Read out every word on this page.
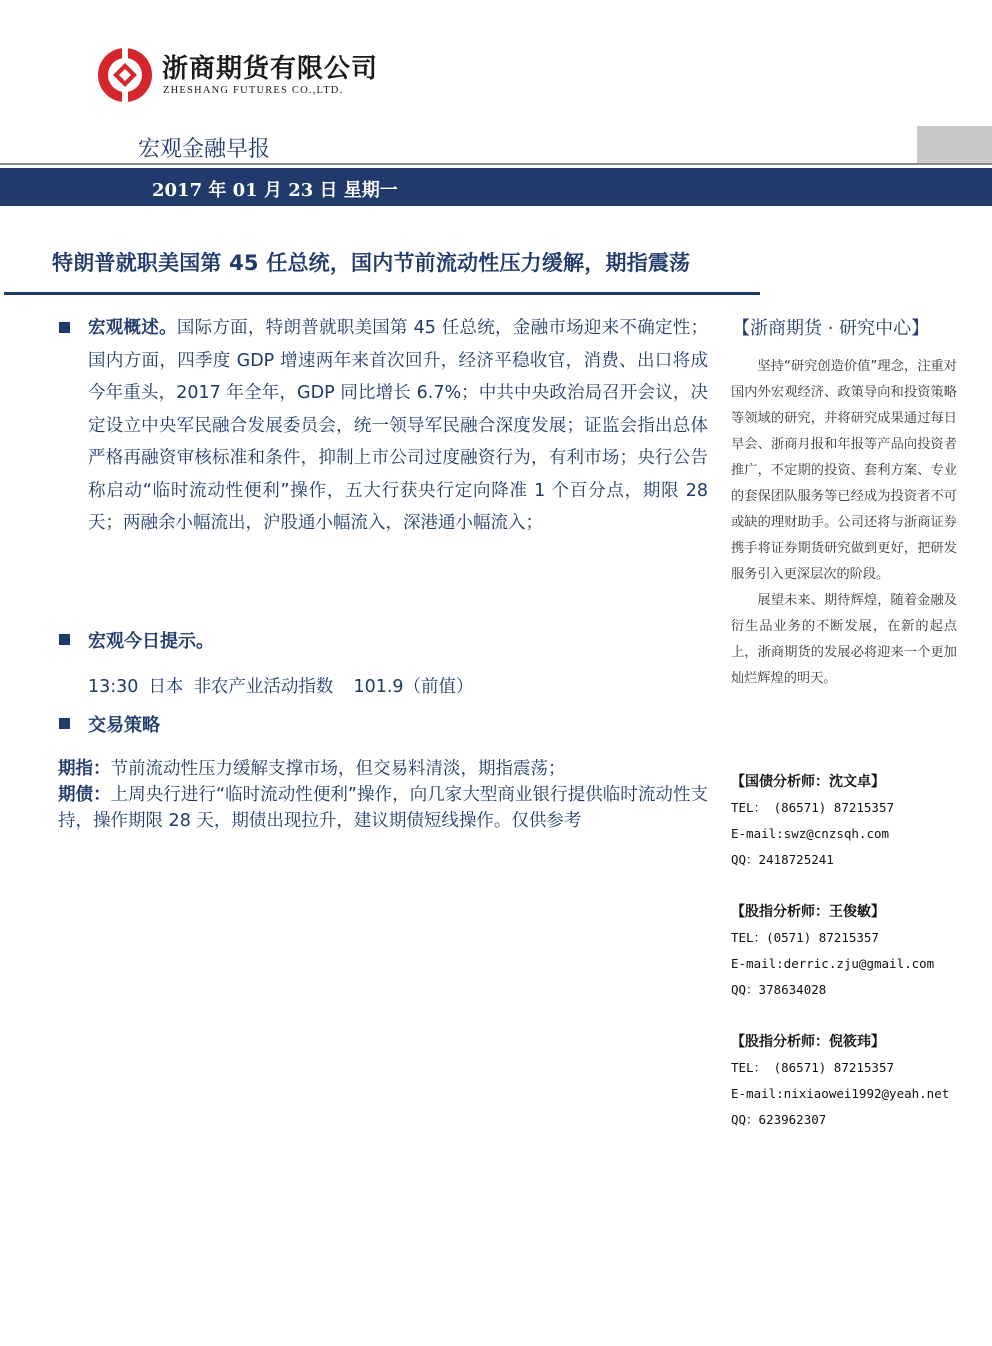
浙商期货有限公司
ZHESHANG FUTURES CO.,LTD.
宏观金融早报
2017 年 01 月 23 日 星期一
特朗普就职美国第 45 任总统，国内节前流动性压力缓解，期指震荡
宏观概述。国际方面，特朗普就职美国第 45 任总统，金融市场迎来不确定性；国内方面，四季度 GDP 增速两年来首次回升，经济平稳收官，消费、出口将成今年重头，2017 年全年，GDP 同比增长 6.7%；中共中央政治局召开会议，决定设立中央军民融合发展委员会，统一领导军民融合深度发展；证监会指出总体严格再融资审核标准和条件，抑制上市公司过度融资行为，有利市场；央行公告称启动“临时流动性便利”操作，五大行获央行定向降准 1 个百分点，期限 28 天；两融余小幅流出，沪股通小幅流入，深港通小幅流入；
宏观今日提示。
13:30 日本 非农产业活动指数 101.9（前值）
交易策略
期指：节前流动性压力缓解支撑市场，但交易料清淡，期指震荡；
期债：上周央行进行“临时流动性便利”操作，向几家大型商业银行提供临时流动性支持，操作期限 28 天，期债出现拉升，建议期债短线操作。仅供参考
【浙商期货 · 研究中心】

坚持“研究创造价值”理念，注重对国内外宏观经济、政策导向和投资策略等领域的研究，并将研究成果通过每日早会、浙商月报和年报等产品向投资者推广，不定期的投资、套利方案、专业的套保团队服务等已经成为投资者不可或缺的理财助手。公司还将与浙商证券携手将证券期货研究做到更好，把研发服务引入更深层次的阶段。

展望未来、期待辉煌，随着金融及衍生品业务的不断发展，在新的起点上，浙商期货的发展必将迎来一个更加灿烂辉煌的明天。

【国债分析师：沈文卓】
TEL： (86571) 87215357
E-mail:swz@cnzsqh.com
QQ：2418725241
【股指分析师：王俊敏】
TEL：(0571) 87215357
E-mail:derric.zju@gmail.com
QQ：378634028
【股指分析师：倪筱玮】
TEL： (86571) 87215357
E-mail:nixiaowei1992@yeah.net
QQ：623962307
